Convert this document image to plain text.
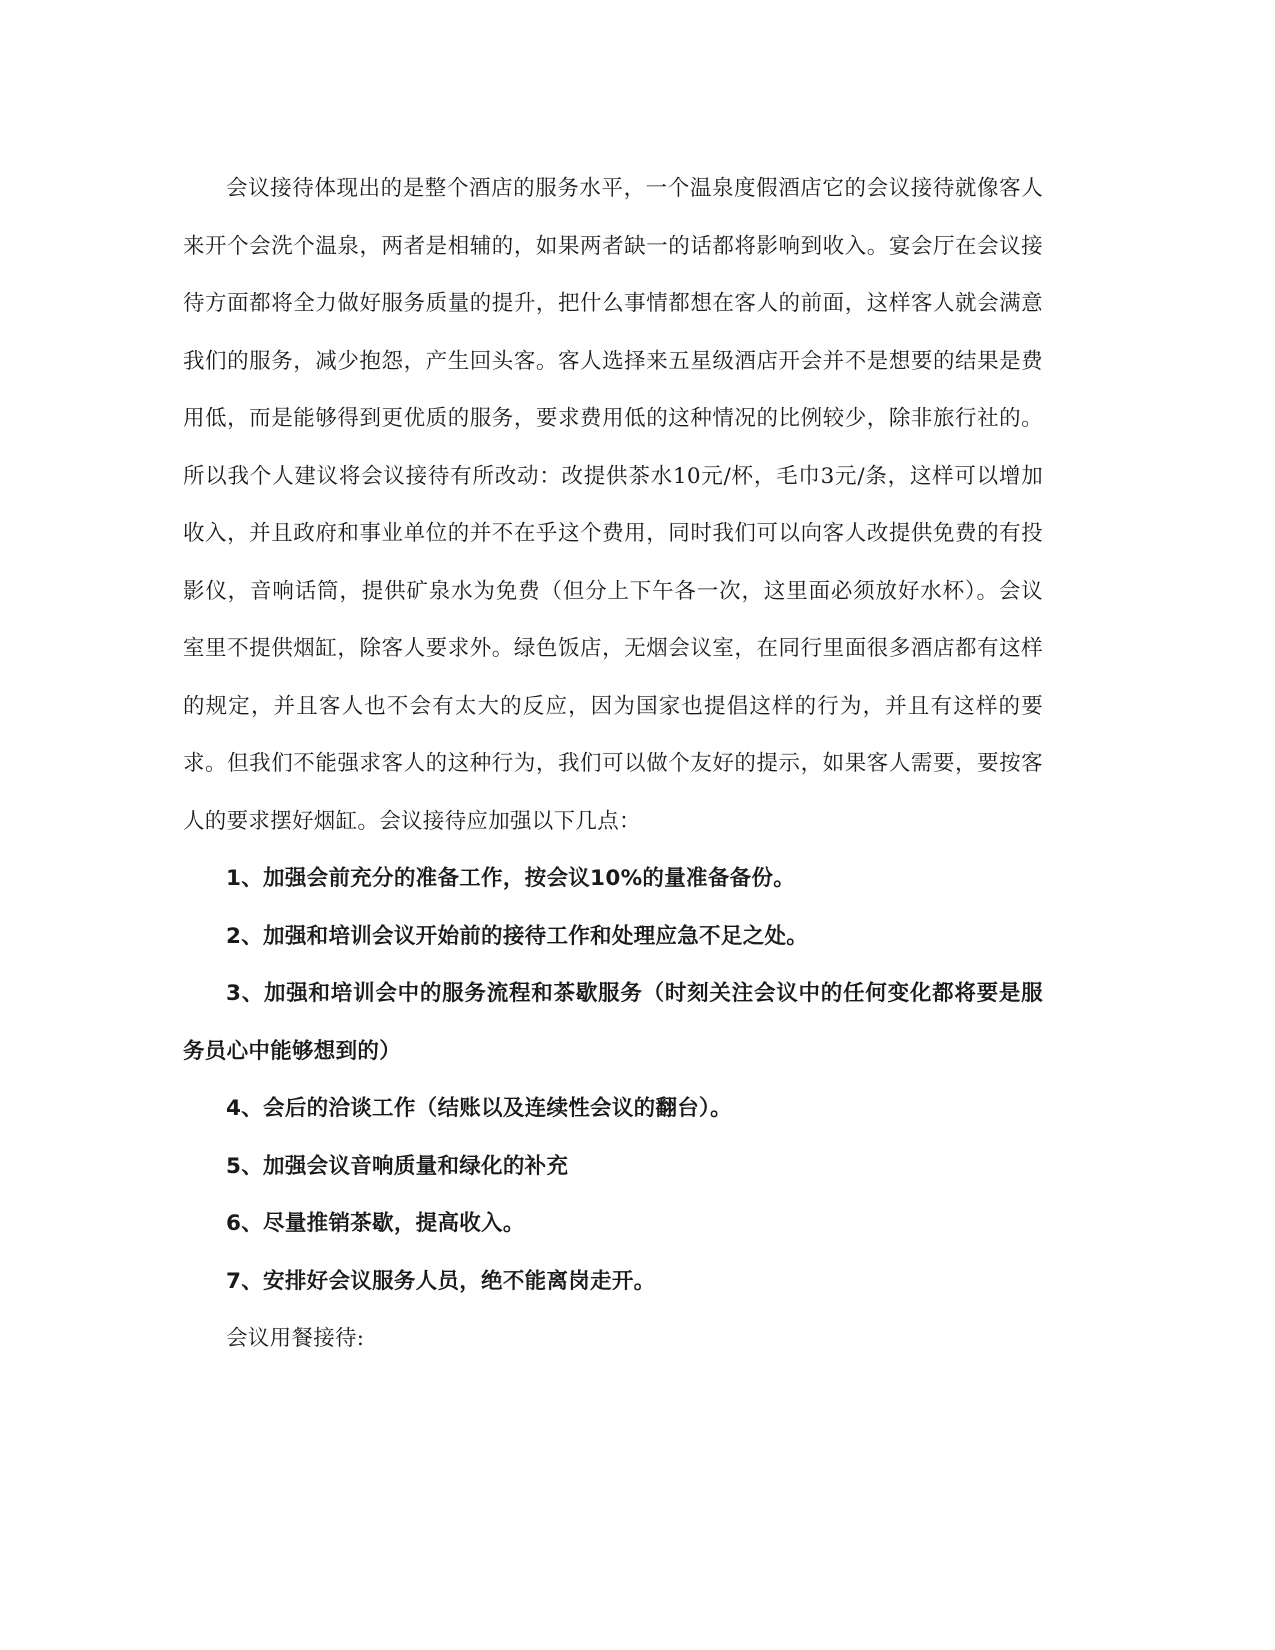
会议接待体现出的是整个酒店的服务水平，一个温泉度假酒店它的会议接待就像客人来开个会洗个温泉，两者是相辅的，如果两者缺一的话都将影响到收入。宴会厅在会议接待方面都将全力做好服务质量的提升，把什么事情都想在客人的前面，这样客人就会满意我们的服务，减少抱怨，产生回头客。客人选择来五星级酒店开会并不是想要的结果是费用低，而是能够得到更优质的服务，要求费用低的这种情况的比例较少，除非旅行社的。所以我个人建议将会议接待有所改动：改提供茶水10元/杯，毛巾3元/条，这样可以增加收入，并且政府和事业单位的并不在乎这个费用，同时我们可以向客人改提供免费的有投影仪，音响话筒，提供矿泉水为免费（但分上下午各一次，这里面必须放好水杯）。会议室里不提供烟缸，除客人要求外。绿色饭店，无烟会议室，在同行里面很多酒店都有这样的规定，并且客人也不会有太大的反应，因为国家也提倡这样的行为，并且有这样的要求。但我们不能强求客人的这种行为，我们可以做个友好的提示，如果客人需要，要按客人的要求摆好烟缸。会议接待应加强以下几点：

1、加强会前充分的准备工作，按会议10%的量准备备份。

2、加强和培训会议开始前的接待工作和处理应急不足之处。

3、加强和培训会中的服务流程和茶歇服务（时刻关注会议中的任何变化都将要是服务员心中能够想到的）

4、会后的洽谈工作（结账以及连续性会议的翻台）。

5、加强会议音响质量和绿化的补充

6、尽量推销茶歇，提高收入。

7、安排好会议服务人员，绝不能离岗走开。

会议用餐接待:
